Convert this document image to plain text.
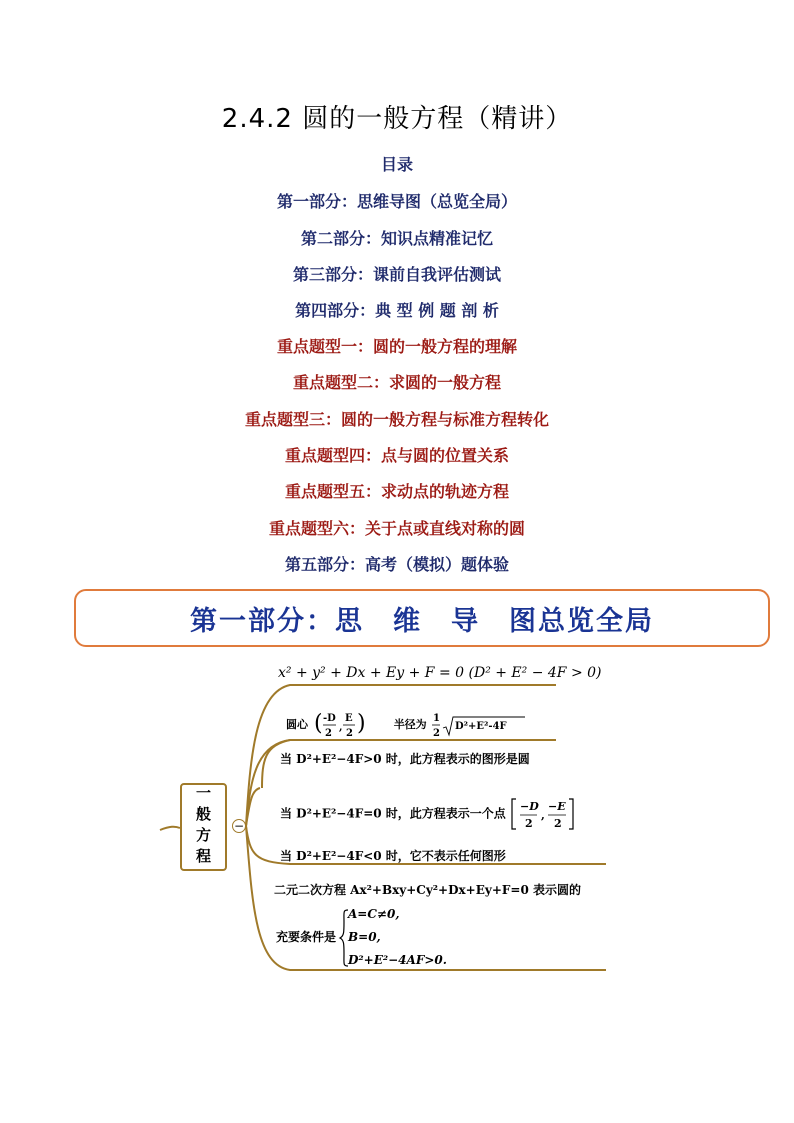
2.4.2 圆的一般方程（精讲）
目录
第一部分：思维导图（总览全局）
第二部分：知识点精准记忆
第三部分：课前自我评估测试
第四部分：典 型 例 题 剖 析
重点题型一：圆的一般方程的理解
重点题型二：求圆的一般方程
重点题型三：圆的一般方程与标准方程转化
重点题型四：点与圆的位置关系
重点题型五：求动点的轨迹方程
重点题型六：关于点或直线对称的圆
第五部分：高考（模拟）题体验
第一部分：思　维　导　图总览全局
x² + y² + Dx + Ey + F = 0 (D² + E² − 4F > 0)
圆心 ( -D
2
,
E
2 )	半径为 1
2
D²+E²-4F
当 D²+E²−4F>0 时，此方程表示的图形是圆
当 D²+E²−4F=0 时，此方程表示一个点 −D
2
,
−E
2
当 D²+E²−4F<0 时，它不表示任何图形
二元二次方程 Ax²+Bxy+Cy²+Dx+Ey+F=0 表示圆的
充要条件是
A=C≠0,
B=0,
D²+E²−4AF>0.
一般方程 −
